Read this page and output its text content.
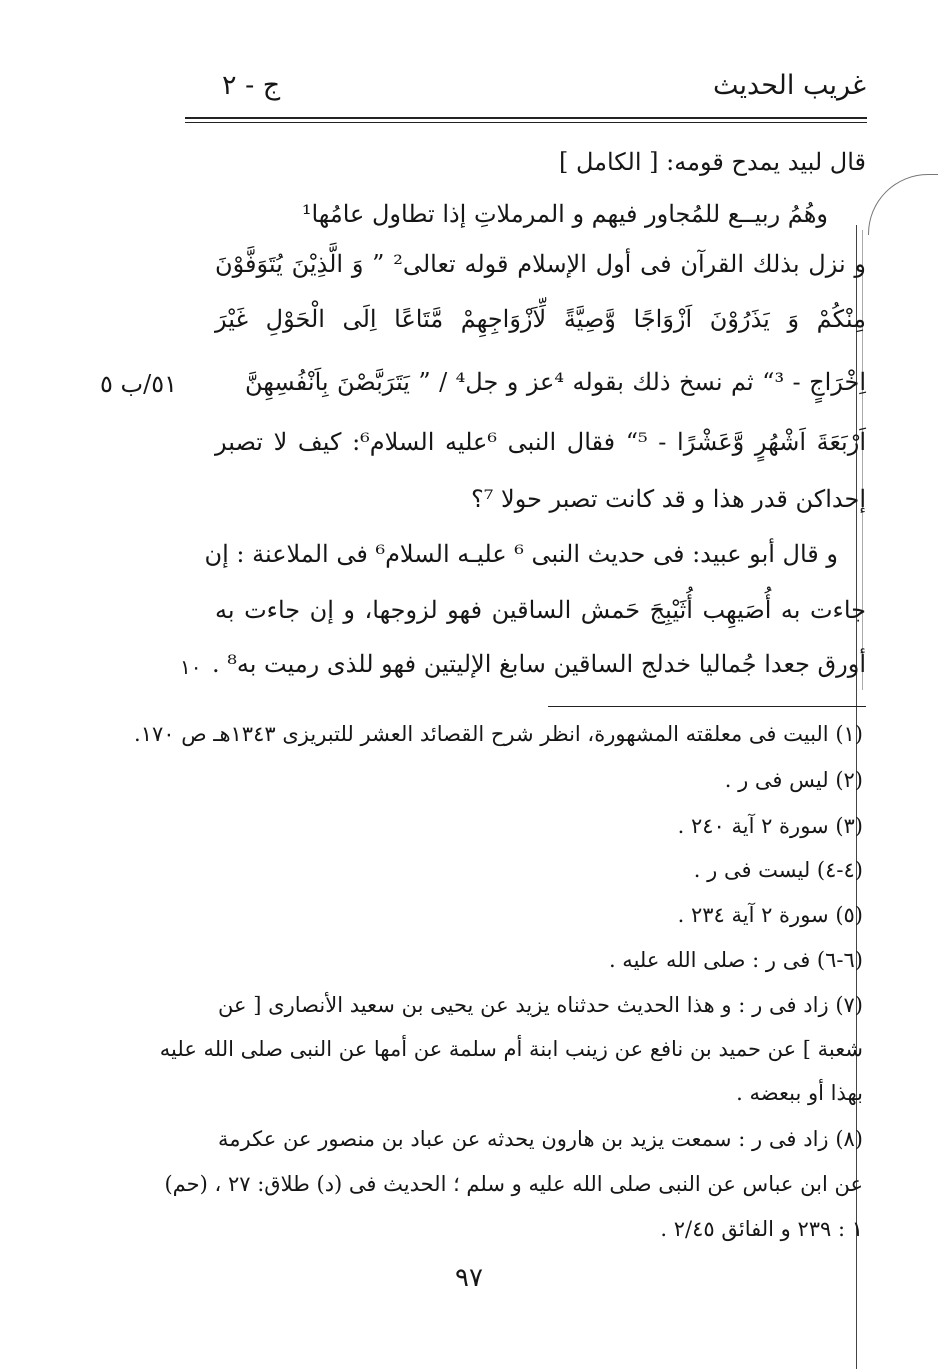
غريب الحديث
ج - ٢
قال لبيد يمدح قومه: [ الكامل ]
وهُمُ ربيــع للمُجاور فيهم و المرملاتِ إذا تطاول عامُها¹
و نزل بذلك القرآن فى أول الإسلام قوله تعالى² ” وَ الَّذِيْنَ يُتَوَفَّوْنَ
مِنْكُمْ وَ يَذَرُوْنَ اَزْوَاجًا وَّصِيَّةً لِّاَزْوَاجِهِمْ مَّتَاعًا اِلَى الْحَوْلِ غَيْرَ
اِخْرَاجٍ - ³“ ثم نسخ ذلك بقوله ⁴عز و جل⁴ / ” يَتَرَبَّصْنَ بِاَنْفُسِهِنَّ
اَرْبَعَةَ اَشْهُرٍ وَّعَشْرًا - ⁵“ فقال النبى ⁶عليه السلام⁶: كيف لا تصبر
إحداكن قدر هذا و قد كانت تصبر حولا ⁷؟
و قال أبو عبيد: فى حديث النبى ⁶ عليـه السلام⁶ فى الملاعنة : إن
جاءت به أُصَيهِب أُثَيْبِجَ حَمش الساقين فهو لزوجها، و إن جاءت به
أورق جعدا جُماليا خدلج الساقين سابغ الإليتين فهو للذى رميت به⁸ .
٥١/ب ٥
١٠
(١) البيت فى معلقته المشهورة، انظر شرح القصائد العشر للتبريزى ١٣٤٣هـ ص ١٧٠.
(٢) ليس فى ر .
(٣) سورة ٢ آية ٢٤٠ .
(٤-٤) ليست فى ر .
(٥) سورة ٢ آية ٢٣٤ .
(٦-٦) فى ر : صلى الله عليه .
(٧) زاد فى ر : و هذا الحديث حدثناه يزيد عن يحيى بن سعيد الأنصارى [ عن
شعبة ] عن حميد بن نافع عن زينب ابنة أم سلمة عن أمها عن النبى صلى الله عليه
بهذا أو ببعضه .
(٨) زاد فى ر : سمعت يزيد بن هارون يحدثه عن عباد بن منصور عن عكرمة
عن ابن عباس عن النبى صلى الله عليه و سلم ؛ الحديث فى (د) طلاق: ٢٧ ، (حم)
١ : ٢٣٩ و الفائق ٢/٤٥ .
٩٧
